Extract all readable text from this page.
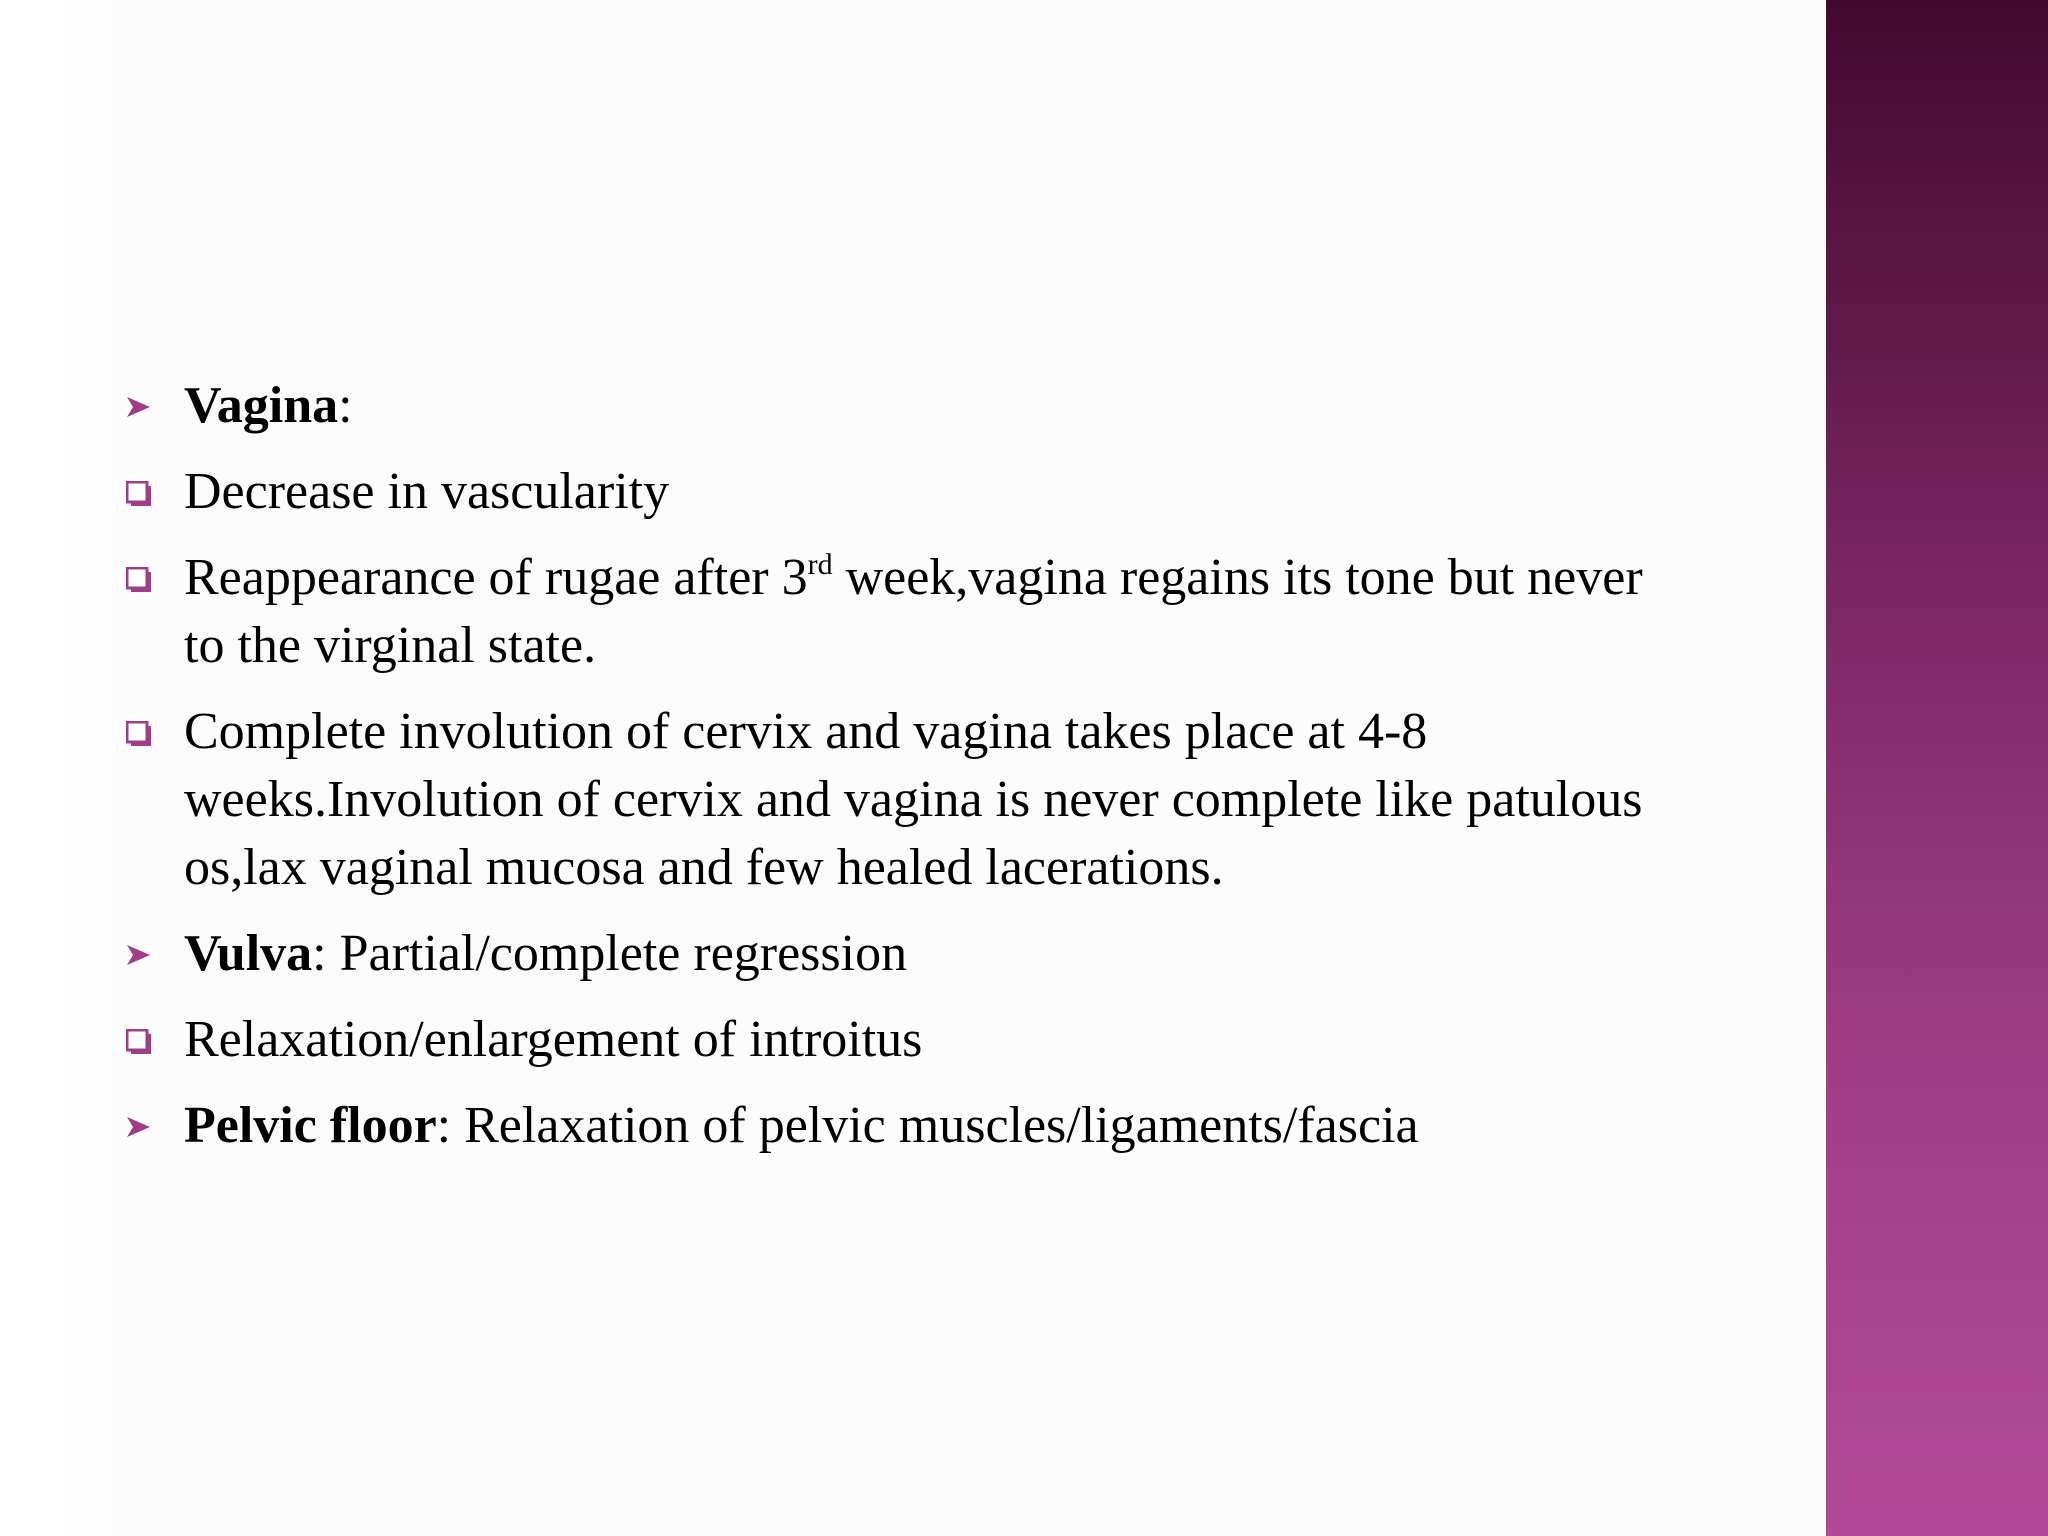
Vagina:
Decrease in vascularity
Reappearance of rugae after 3rd week,vagina regains its tone but never to the virginal state.
Complete involution of cervix and vagina takes place at 4-8 weeks.Involution of cervix and vagina is never complete like patulous os,lax vaginal mucosa and few healed lacerations.
Vulva: Partial/complete regression
Relaxation/enlargement of introitus
Pelvic floor: Relaxation of pelvic muscles/ligaments/fascia
